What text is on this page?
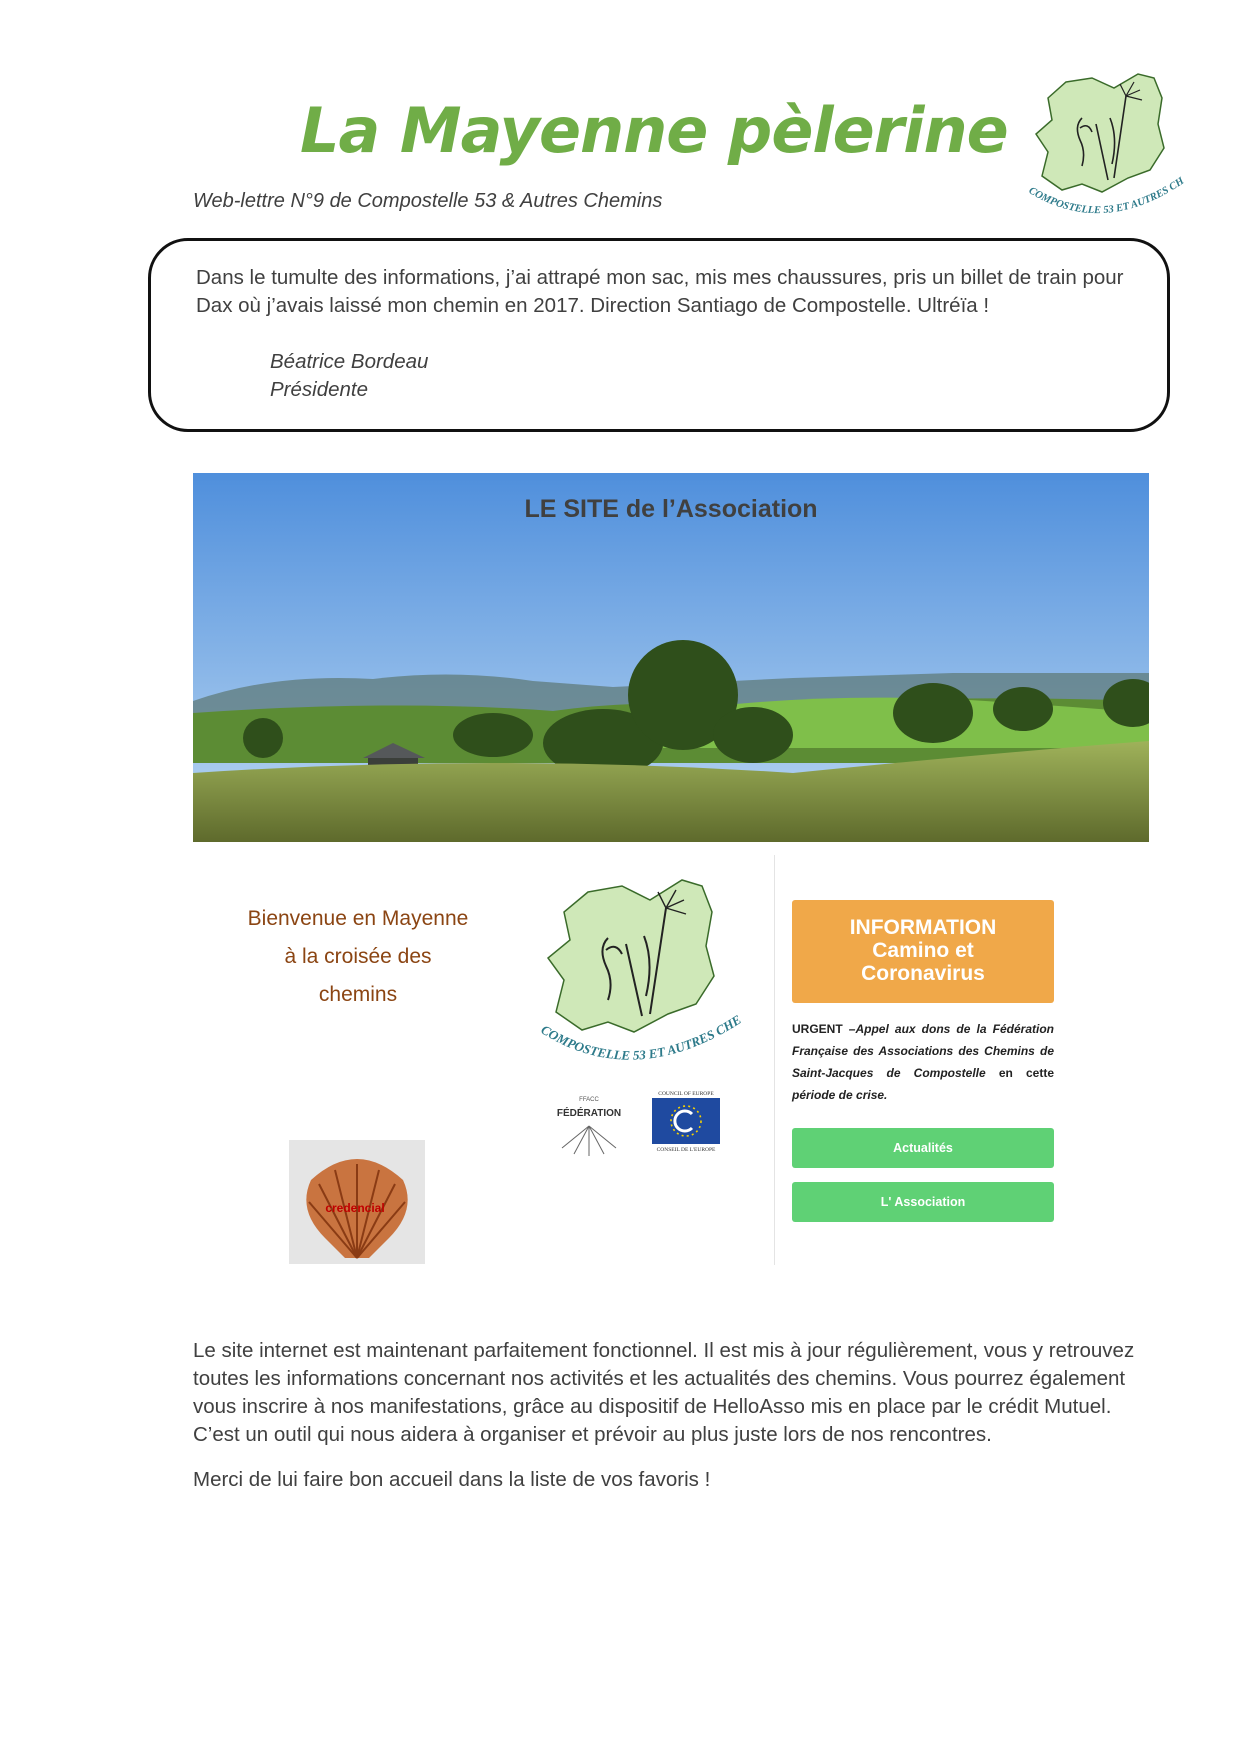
La Mayenne pèlerine
Web-lettre N°9 de Compostelle 53 & Autres Chemins	COMPOSTELLE 53 ET AUTRES CH
Dans le tumulte des informations, j’ai attrapé mon sac, mis mes chaussures, pris un billet de train pour Dax où j’avais laissé mon chemin en 2017. Direction Santiago de Compostelle. Ultréïa !
Béatrice Bordeau
Présidente
LE SITE de l’Association
Bienvenue en Mayenne
à la croisée des
chemins
credencial
COMPOSTELLE 53 ET AUTRES CHE
FFACC
FÉDÉRATION
COUNCIL OF EUROPE
CONSEIL DE L'EUROPE
INFORMATION
Camino et
Coronavirus
URGENT –Appel aux dons de la Fédération Française des Associations des Chemins de Saint-Jacques de Compostelle en cette période de crise.
Actualités
L' Association

Le site internet est maintenant parfaitement fonctionnel. Il est mis à jour régulièrement, vous y retrouvez toutes les informations concernant nos activités et les actualités des chemins. Vous pourrez également vous inscrire à nos manifestations, grâce au dispositif de HelloAsso mis en place par le crédit Mutuel. C’est un outil qui nous aidera à organiser et prévoir au plus juste lors de nos rencontres.

Merci de lui faire bon accueil dans la liste de vos favoris !
